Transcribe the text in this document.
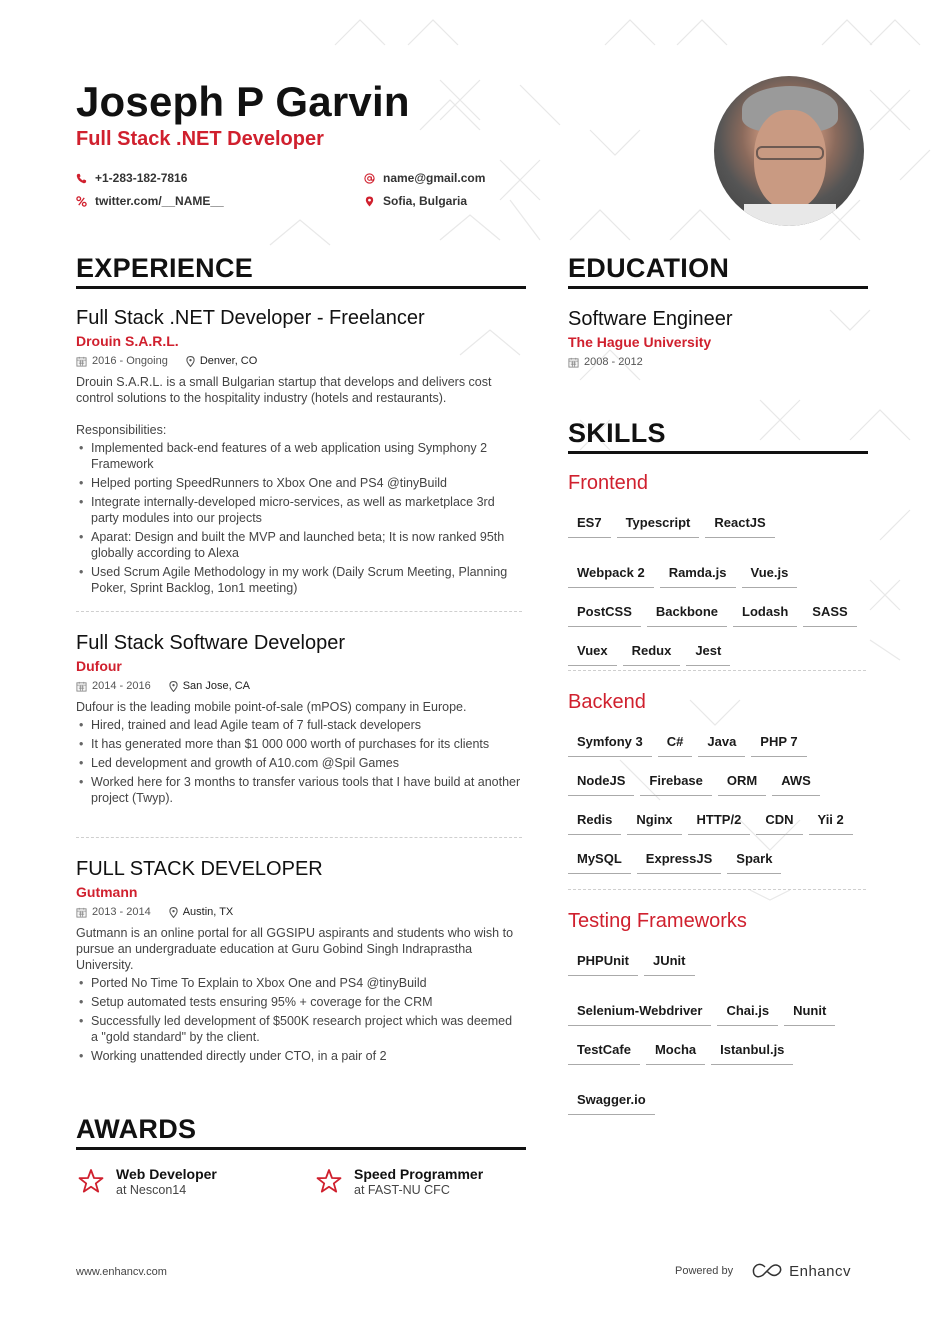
Joseph P Garvin
Full Stack .NET Developer
+1-283-182-7816
twitter.com/__NAME__
name@gmail.com
Sofia, Bulgaria
EXPERIENCE
Full Stack .NET Developer - Freelancer
Drouin S.A.R.L.
2016 - Ongoing	Denver, CO
Drouin S.A.R.L. is a small Bulgarian startup that develops and delivers cost control solutions to the hospitality industry (hotels and restaurants).
Responsibilities:
• Implemented back-end features of a web application using Symphony 2 Framework
• Helped porting SpeedRunners to Xbox One and PS4 @tinyBuild
• Integrate internally-developed micro-services, as well as marketplace 3rd party modules into our projects
• Aparat: Design and built the MVP and launched beta; It is now ranked 95th globally according to Alexa
• Used Scrum Agile Methodology in my work (Daily Scrum Meeting, Planning Poker, Sprint Backlog, 1on1 meeting)
Full Stack Software Developer
Dufour
2014 - 2016	San Jose, CA
Dufour is the leading mobile point-of-sale (mPOS) company in Europe.
• Hired, trained and lead Agile team of 7 full-stack developers
• It has generated more than $1 000 000 worth of purchases for its clients
• Led development and growth of A10.com @Spil Games
• Worked here for 3 months to transfer various tools that I have build at another project (Twyp).
FULL STACK DEVELOPER
Gutmann
2013 - 2014	Austin, TX
Gutmann is an online portal for all GGSIPU aspirants and students who wish to pursue an undergraduate education at Guru Gobind Singh Indraprastha University.
• Ported No Time To Explain to Xbox One and PS4 @tinyBuild
• Setup automated tests ensuring 95% + coverage for the CRM
• Successfully led development of $500K research project which was deemed a "gold standard" by the client.
• Working unattended directly under CTO, in a pair of 2
AWARDS
Web Developer
at Nescon14
Speed Programmer
at FAST-NU CFC
EDUCATION
Software Engineer
The Hague University
2008 - 2012
SKILLS
Frontend
ES7	Typescript	ReactJS
Webpack 2	Ramda.js	Vue.js
PostCSS	Backbone	Lodash	SASS
Vuex	Redux	Jest
Backend
Symfony 3	C#	Java	PHP 7
NodeJS	Firebase	ORM	AWS
Redis	Nginx	HTTP/2	CDN	Yii 2
MySQL	ExpressJS	Spark
Testing Frameworks
PHPUnit	JUnit
Selenium-Webdriver	Chai.js	Nunit
TestCafe	Mocha	Istanbul.js
Swagger.io
www.enhancv.com	Powered by	Enhancv
